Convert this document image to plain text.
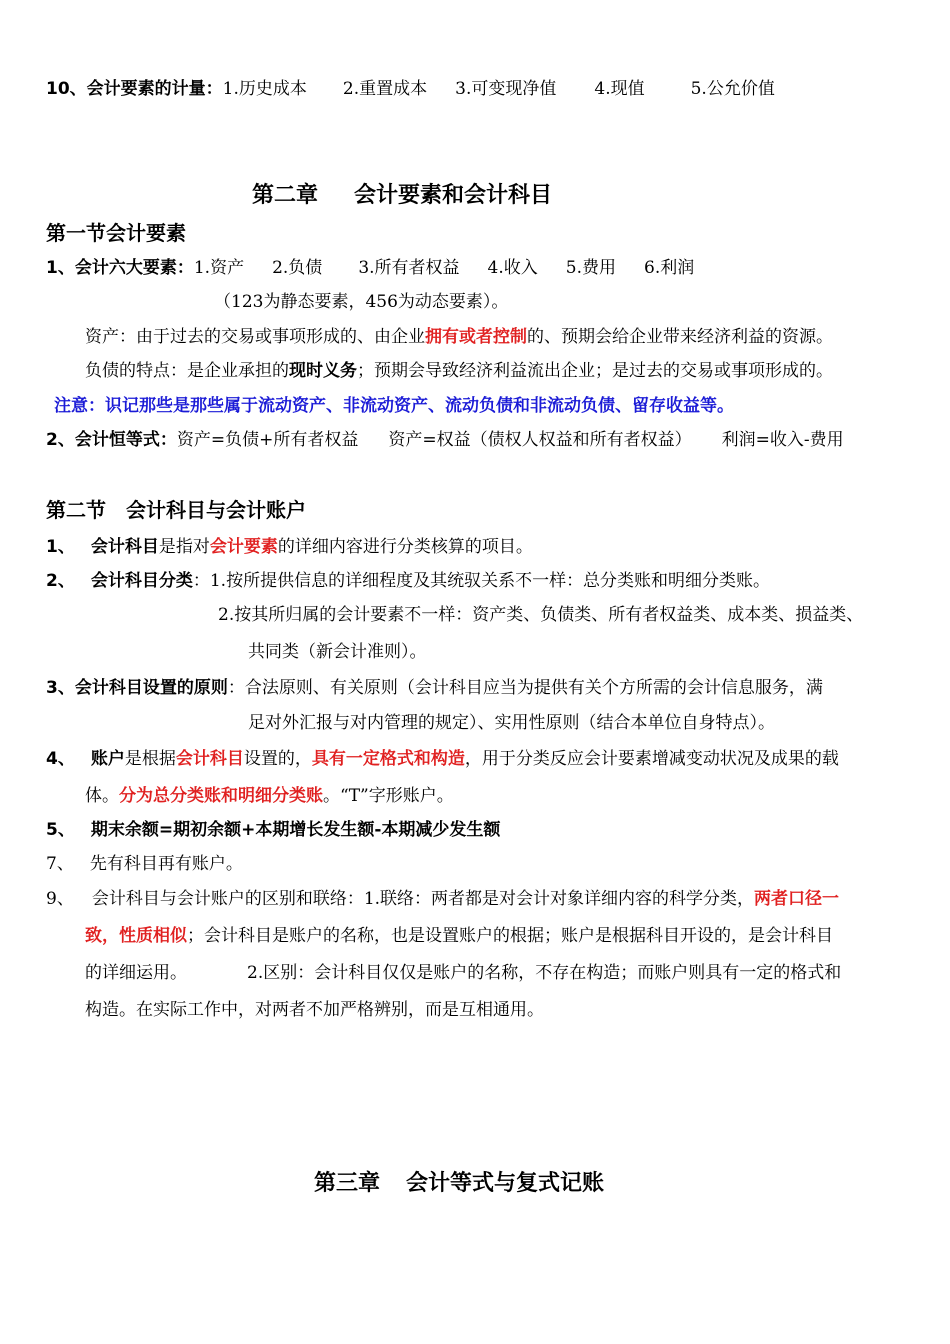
10、会计要素的计量：1.历史成本 2.重置成本 3.可变现净值 4.现值	5.公允价值
第二章 会计要素和会计科目
第一节会计要素
1、会计六大要素：1.资产 2.负债 3.所有者权益 4.收入 5.费用 6.利润
（123为静态要素，456为动态要素）。
资产：由于过去的交易或事项形成的、由企业拥有或者控制的、预期会给企业带来经济利益的资源。
负债的特点：是企业承担的现时义务；预期会导致经济利益流出企业；是过去的交易或事项形成的。
注意：识记那些是那些属于流动资产、非流动资产、流动负债和非流动负债、留存收益等。
2、会计恒等式：资产=负债+所有者权益 资产=权益（债权人权益和所有者权益） 利润=收入-费用
第二节　会计科目与会计账户
1、 会计科目是指对会计要素的详细内容进行分类核算的项目。
2、 会计科目分类：1.按所提供信息的详细程度及其统驭关系不一样：总分类账和明细分类账。
2.按其所归属的会计要素不一样：资产类、负债类、所有者权益类、成本类、损益类、
共同类（新会计准则）。
3、会计科目设置的原则：合法原则、有关原则（会计科目应当为提供有关个方所需的会计信息服务，满
足对外汇报与对内管理的规定）、实用性原则（结合本单位自身特点）。
4、 账户是根据会计科目设置的，具有一定格式和构造，用于分类反应会计要素增减变动状况及成果的载
体。分为总分类账和明细分类账。“T”字形账户。
5、 期末余额=期初余额+本期增长发生额-本期减少发生额
7、 先有科目再有账户。
9、 会计科目与会计账户的区别和联络：1.联络：两者都是对会计对象详细内容的科学分类，两者口径一
致，性质相似；会计科目是账户的名称，也是设置账户的根据；账户是根据科目开设的，是会计科目
的详细运用。	2.区别：会计科目仅仅是账户的名称，不存在构造；而账户则具有一定的格式和
构造。在实际工作中，对两者不加严格辨别，而是互相通用。
第三章 会计等式与复式记账
